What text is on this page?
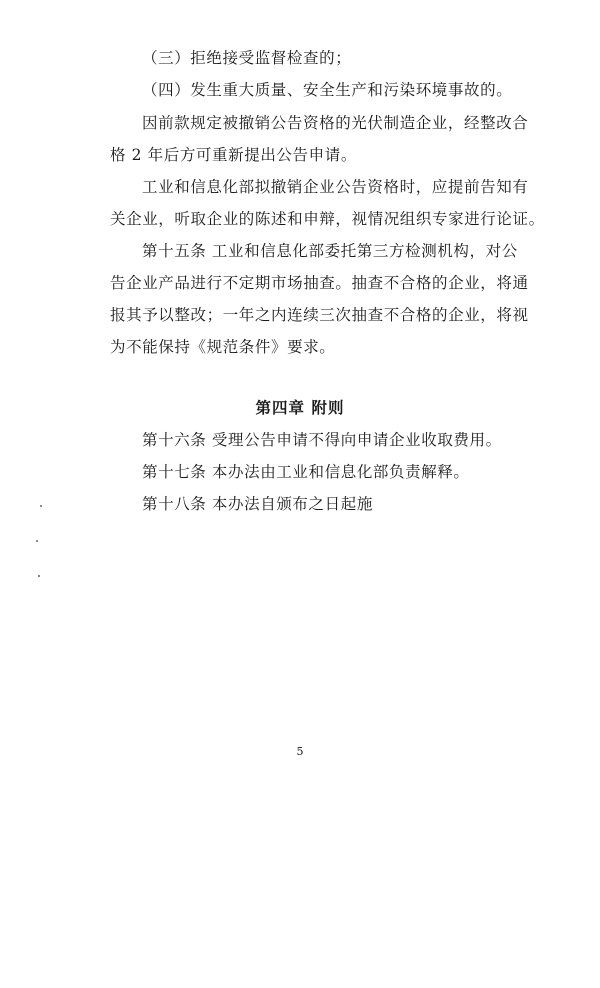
（三）拒绝接受监督检查的；
（四）发生重大质量、安全生产和污染环境事故的。
因前款规定被撤销公告资格的光伏制造企业，经整改合
格 2 年后方可重新提出公告申请。
工业和信息化部拟撤销企业公告资格时，应提前告知有
关企业，听取企业的陈述和申辩，视情况组织专家进行论证。
第十五条 工业和信息化部委托第三方检测机构，对公
告企业产品进行不定期市场抽查。抽查不合格的企业，将通
报其予以整改；一年之内连续三次抽查不合格的企业，将视
为不能保持《规范条件》要求。
第四章 附则
第十六条 受理公告申请不得向申请企业收取费用。
第十七条 本办法由工业和信息化部负责解释。
第十八条 本办法自颁布之日起施
5
